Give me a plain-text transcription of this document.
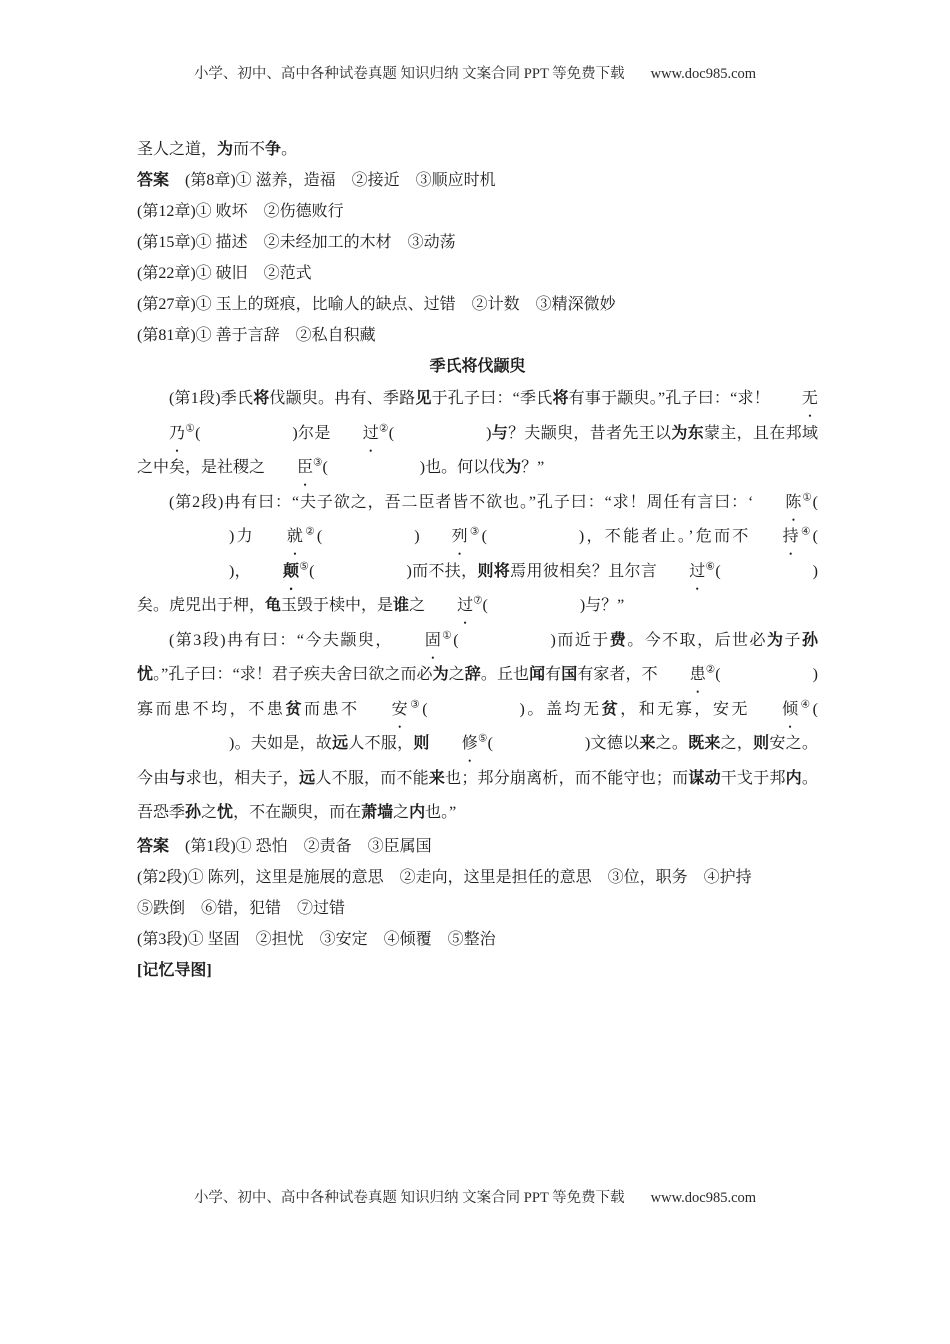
小学、初中、高中各种试卷真题 知识归纳 文案合同 PPT 等免费下载 www.doc985.com
圣人之道，为而不争。
答案　(第8章)① 滋养，造福　②接近　③顺应时机
(第12章)① 败坏　②伤德败行
(第15章)① 描述　②未经加工的木材　③动荡
(第22章)① 破旧　②范式
(第27章)① 玉上的斑痕，比喻人的缺点、过错　②计数　③精深微妙
(第81章)① 善于言辞　②私自积藏
季氏将伐颛臾
(第1段)季氏将伐颛臾。冉有、季路见于孔子曰：“季氏将有事于颛臾。”孔子曰：“求！ 无乃①(	)尔是 过②(	)与？夫颛臾，昔者先王以为东蒙主，且在邦域之中矣，是社稷之 臣③(	)也。何以伐为？”
(第2段)冉有曰：“夫子欲之，吾二臣者皆不欲也。”孔子曰：“求！周任有言曰：‘ 陈①()力 就②(	) 列③(	)，不能者止。’危而不 持④()， 颠⑤(	)而不扶，则将焉用彼相矣？且尔言 过⑥(	)矣。虎兕出于柙，龟玉毁于椟中，是谁之 过⑦(	)与？”
(第3段)冉有曰：“今夫颛臾， 固①(	)而近于费。今不取，后世必为子孙忧。”孔子曰：“求！君子疾夫舍曰欲之而必为之辞。丘也闻有国有家者，不 患②(	)寡而患不均，不患贫而患不 安③(	)。盖均无贫，和无寡，安无 倾④()。夫如是，故远人不服，则 修⑤(	)文德以来之。既来之，则安之。今由与求也，相夫子，远人不服，而不能来也；邦分崩离析，而不能守也；而谋动干戈于邦内。吾恐季孙之忧，不在颛臾，而在萧墙之内也。”
答案　(第1段)① 恐怕　②责备　③臣属国
(第2段)① 陈列，这里是施展的意思　②走向，这里是担任的意思　③位，职务　④护持
⑤跌倒　⑥错，犯错　⑦过错
(第3段)① 坚固　②担忧　③安定　④倾覆　⑤整治
[记忆导图]
小学、初中、高中各种试卷真题 知识归纳 文案合同 PPT 等免费下载 www.doc985.com
